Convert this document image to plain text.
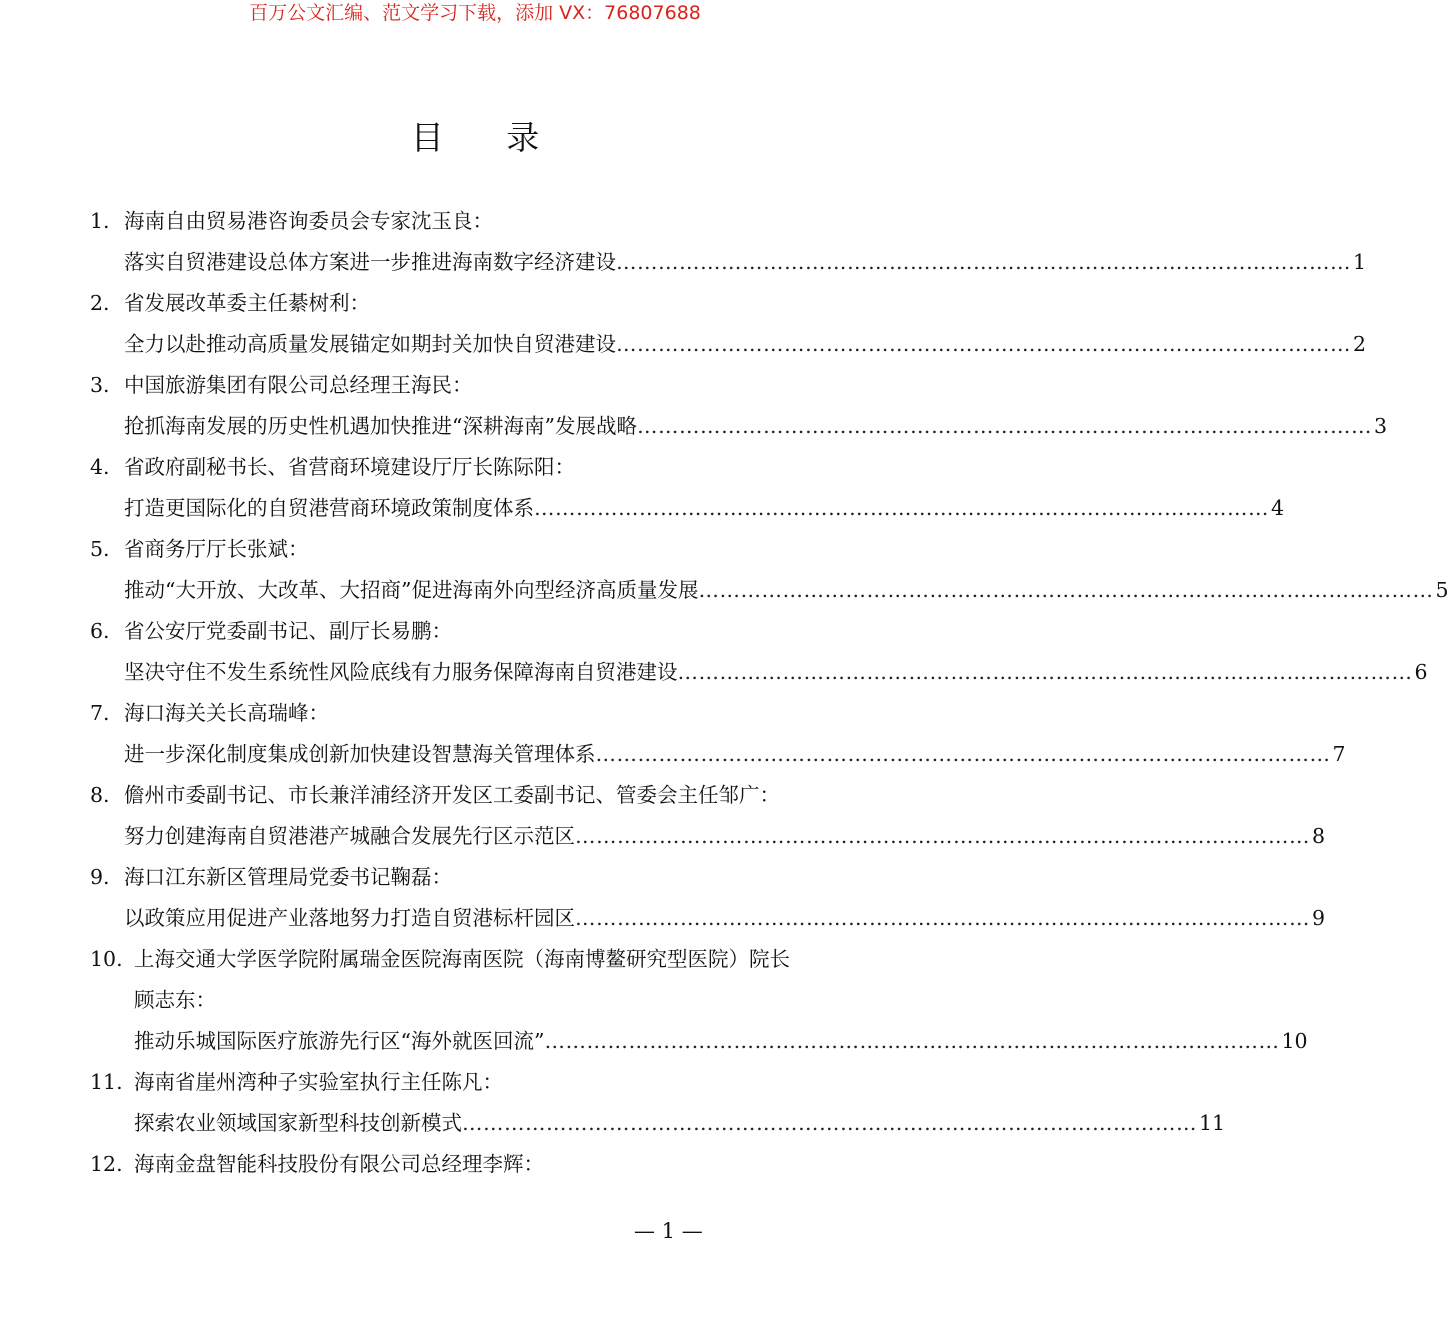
百万公文汇编、范文学习下载，添加 VX：76807688
目 录
1. 海南自由贸易港咨询委员会专家沈玉良：
落实自贸港建设总体方案进一步推进海南数字经济建设 …………………………………………………………………………………………… 1
2. 省发展改革委主任綦树利：
全力以赴推动高质量发展锚定如期封关加快自贸港建设 …………………………………………………………………………………………… 2
3. 中国旅游集团有限公司总经理王海民：
抢抓海南发展的历史性机遇加快推进“深耕海南”发展战略 …………………………………………………………………………………………… 3
4. 省政府副秘书长、省营商环境建设厅厅长陈际阳：
打造更国际化的自贸港营商环境政策制度体系 …………………………………………………………………………………………… 4
5. 省商务厅厅长张斌：
推动“大开放、大改革、大招商”促进海南外向型经济高质量发展 …………………………………………………………………………………………… 5
6. 省公安厅党委副书记、副厅长易鹏：
坚决守住不发生系统性风险底线有力服务保障海南自贸港建设 …………………………………………………………………………………………… 6
7. 海口海关关长高瑞峰：
进一步深化制度集成创新加快建设智慧海关管理体系 …………………………………………………………………………………………… 7
8. 儋州市委副书记、市长兼洋浦经济开发区工委副书记、管委会主任邹广：
努力创建海南自贸港港产城融合发展先行区示范区 …………………………………………………………………………………………… 8
9. 海口江东新区管理局党委书记鞠磊：
以政策应用促进产业落地努力打造自贸港标杆园区 …………………………………………………………………………………………… 9
10. 上海交通大学医学院附属瑞金医院海南医院（海南博鳌研究型医院）院长
顾志东：
推动乐城国际医疗旅游先行区“海外就医回流” …………………………………………………………………………………………… 10
11. 海南省崖州湾种子实验室执行主任陈凡：
探索农业领域国家新型科技创新模式 …………………………………………………………………………………………… 11
12. 海南金盘智能科技股份有限公司总经理李辉：
— 1 —
